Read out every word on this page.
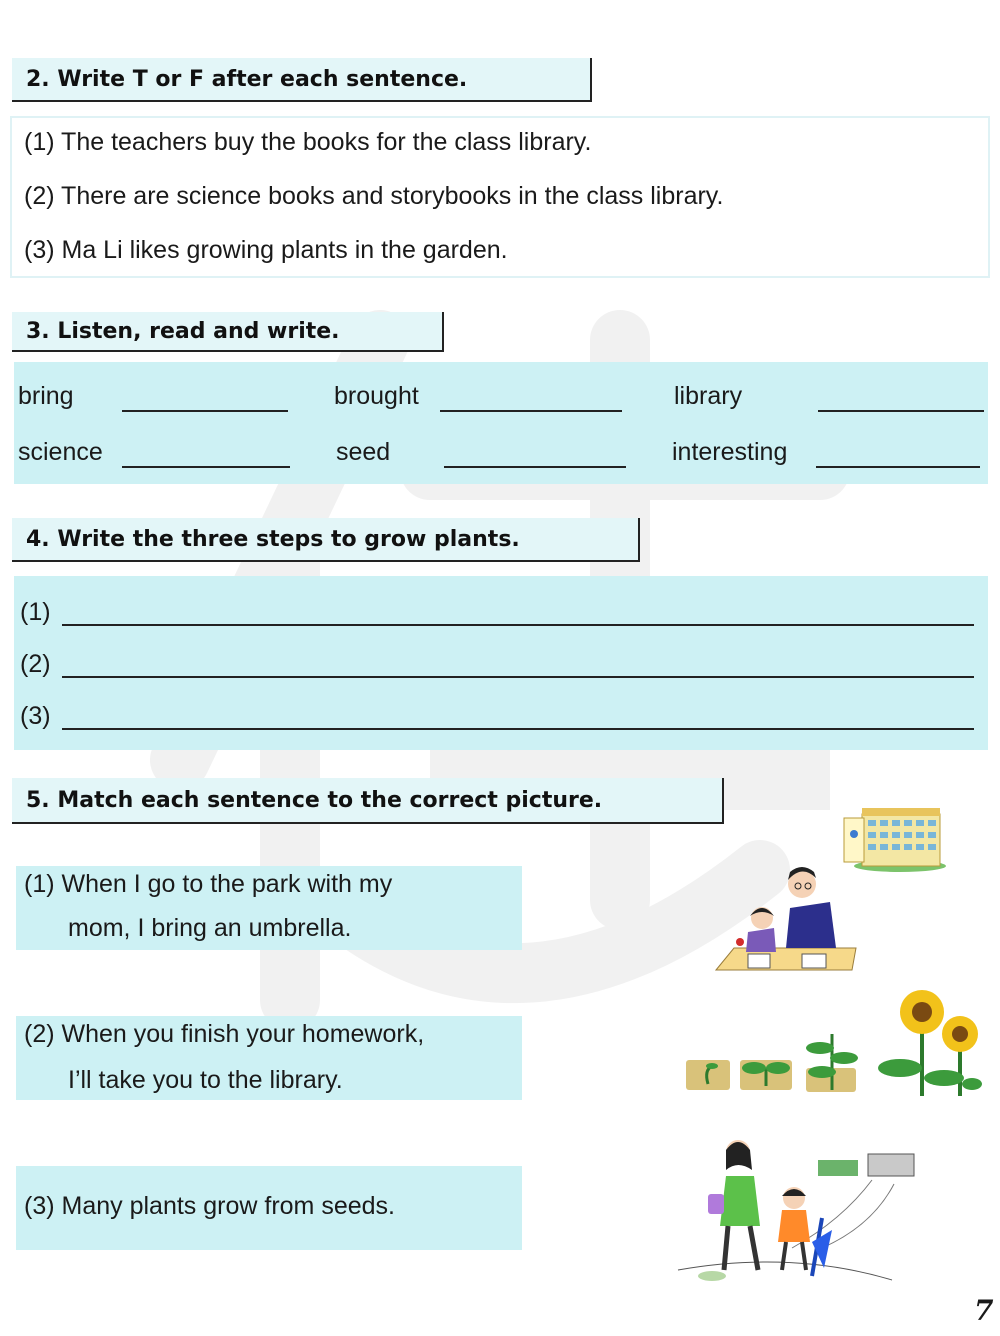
2. Write T or F after each sentence.
(1) The teachers buy the books for the class library.
(2) There are science books and storybooks in the class library.
(3) Ma Li likes growing plants in the garden.
3. Listen, read and write.
bring	brought	library
science	seed	interesting
4. Write the three steps to grow plants.
(1)
(2)
(3)
5. Match each sentence to the correct picture.
(1) When I go to the park with my
mom, I bring an umbrella.
(2) When you finish your homework,
I’ll take you to the library.
(3) Many plants grow from seeds.
7
